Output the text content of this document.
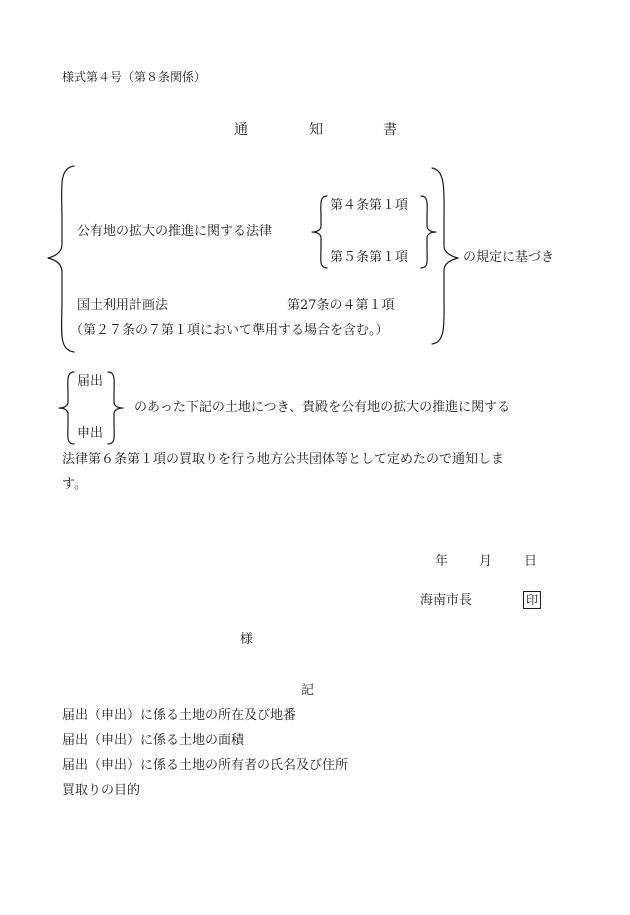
様式第４号（第８条関係）
通	知	書
公有地の拡大の推進に関する法律
第４条第１項
第５条第１項	の規定に基づき
国土利用計画法	第27条の４第１項
（第２７条の７第１項において準用する場合を含む。）
届出
申出
のあった下記の土地につき、貴殿を公有地の拡大の推進に関する
法律第６条第１項の買取りを行う地方公共団体等として定めたので通知しま
す。
年 月 日
海南市長	印
様
記
届出（申出）に係る土地の所在及び地番
届出（申出）に係る土地の面積
届出（申出）に係る土地の所有者の氏名及び住所
買取りの目的
